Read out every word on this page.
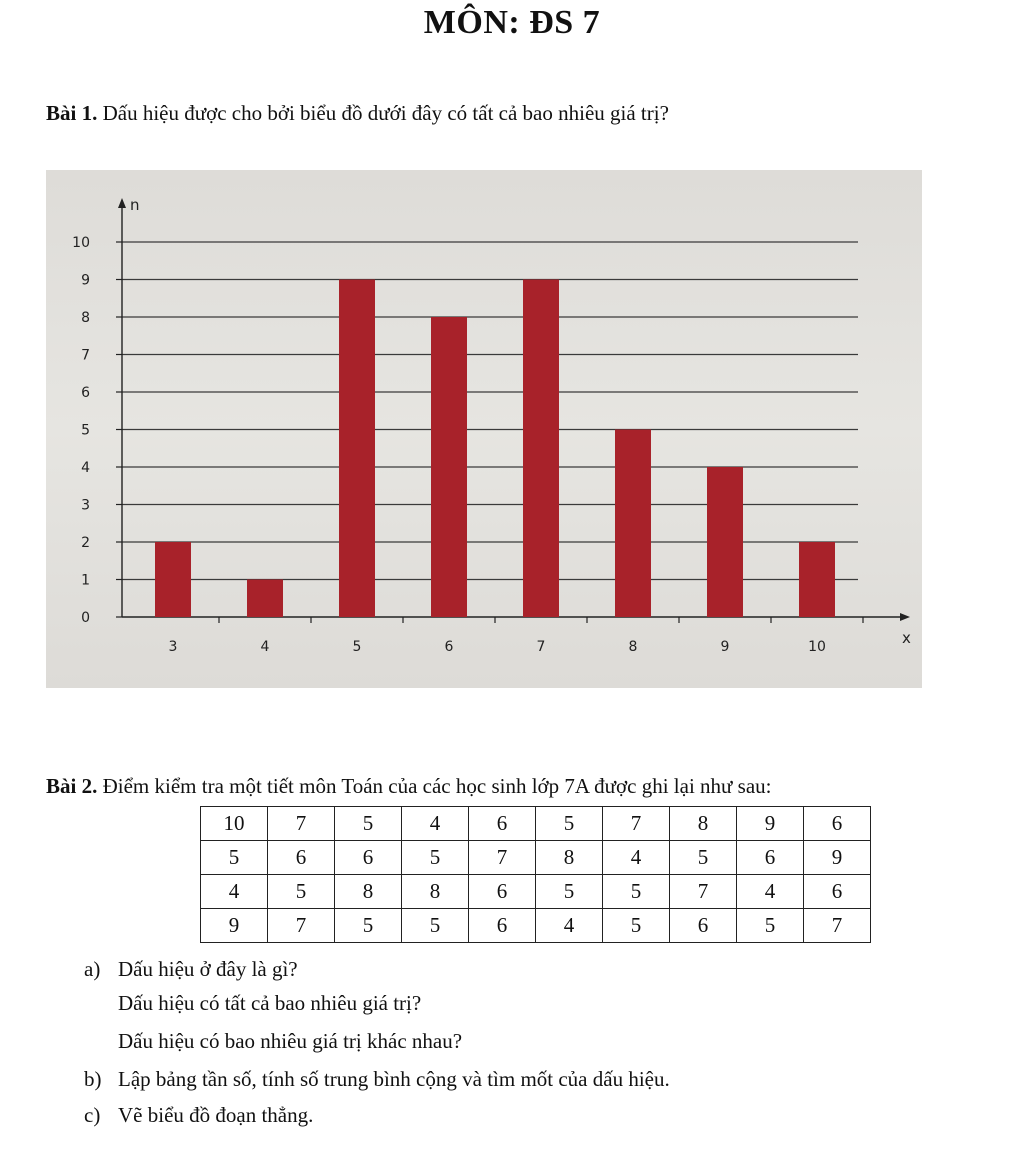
MÔN: ĐS 7
Bài 1. Dấu hiệu được cho bởi biểu đồ dưới đây có tất cả bao nhiêu giá trị?
0
1
2
3
4
5
6
7
8
9
10
n
x
3	4	5	6	7	8	9	10
Bài 2. Điểm kiểm tra một tiết môn Toán của các học sinh lớp 7A được ghi lại như sau:
10	7	5	4	6	5	7	8	9	6
5	6	6	5	7	8	4	5	6	9
4	5	8	8	6	5	5	7	4	6
9	7	5	5	6	4	5	6	5	7
a) Dấu hiệu ở đây là gì?
Dấu hiệu có tất cả bao nhiêu giá trị?
Dấu hiệu có bao nhiêu giá trị khác nhau?
b) Lập bảng tần số, tính số trung bình cộng và tìm mốt của dấu hiệu.
c) Vẽ biểu đồ đoạn thẳng.
